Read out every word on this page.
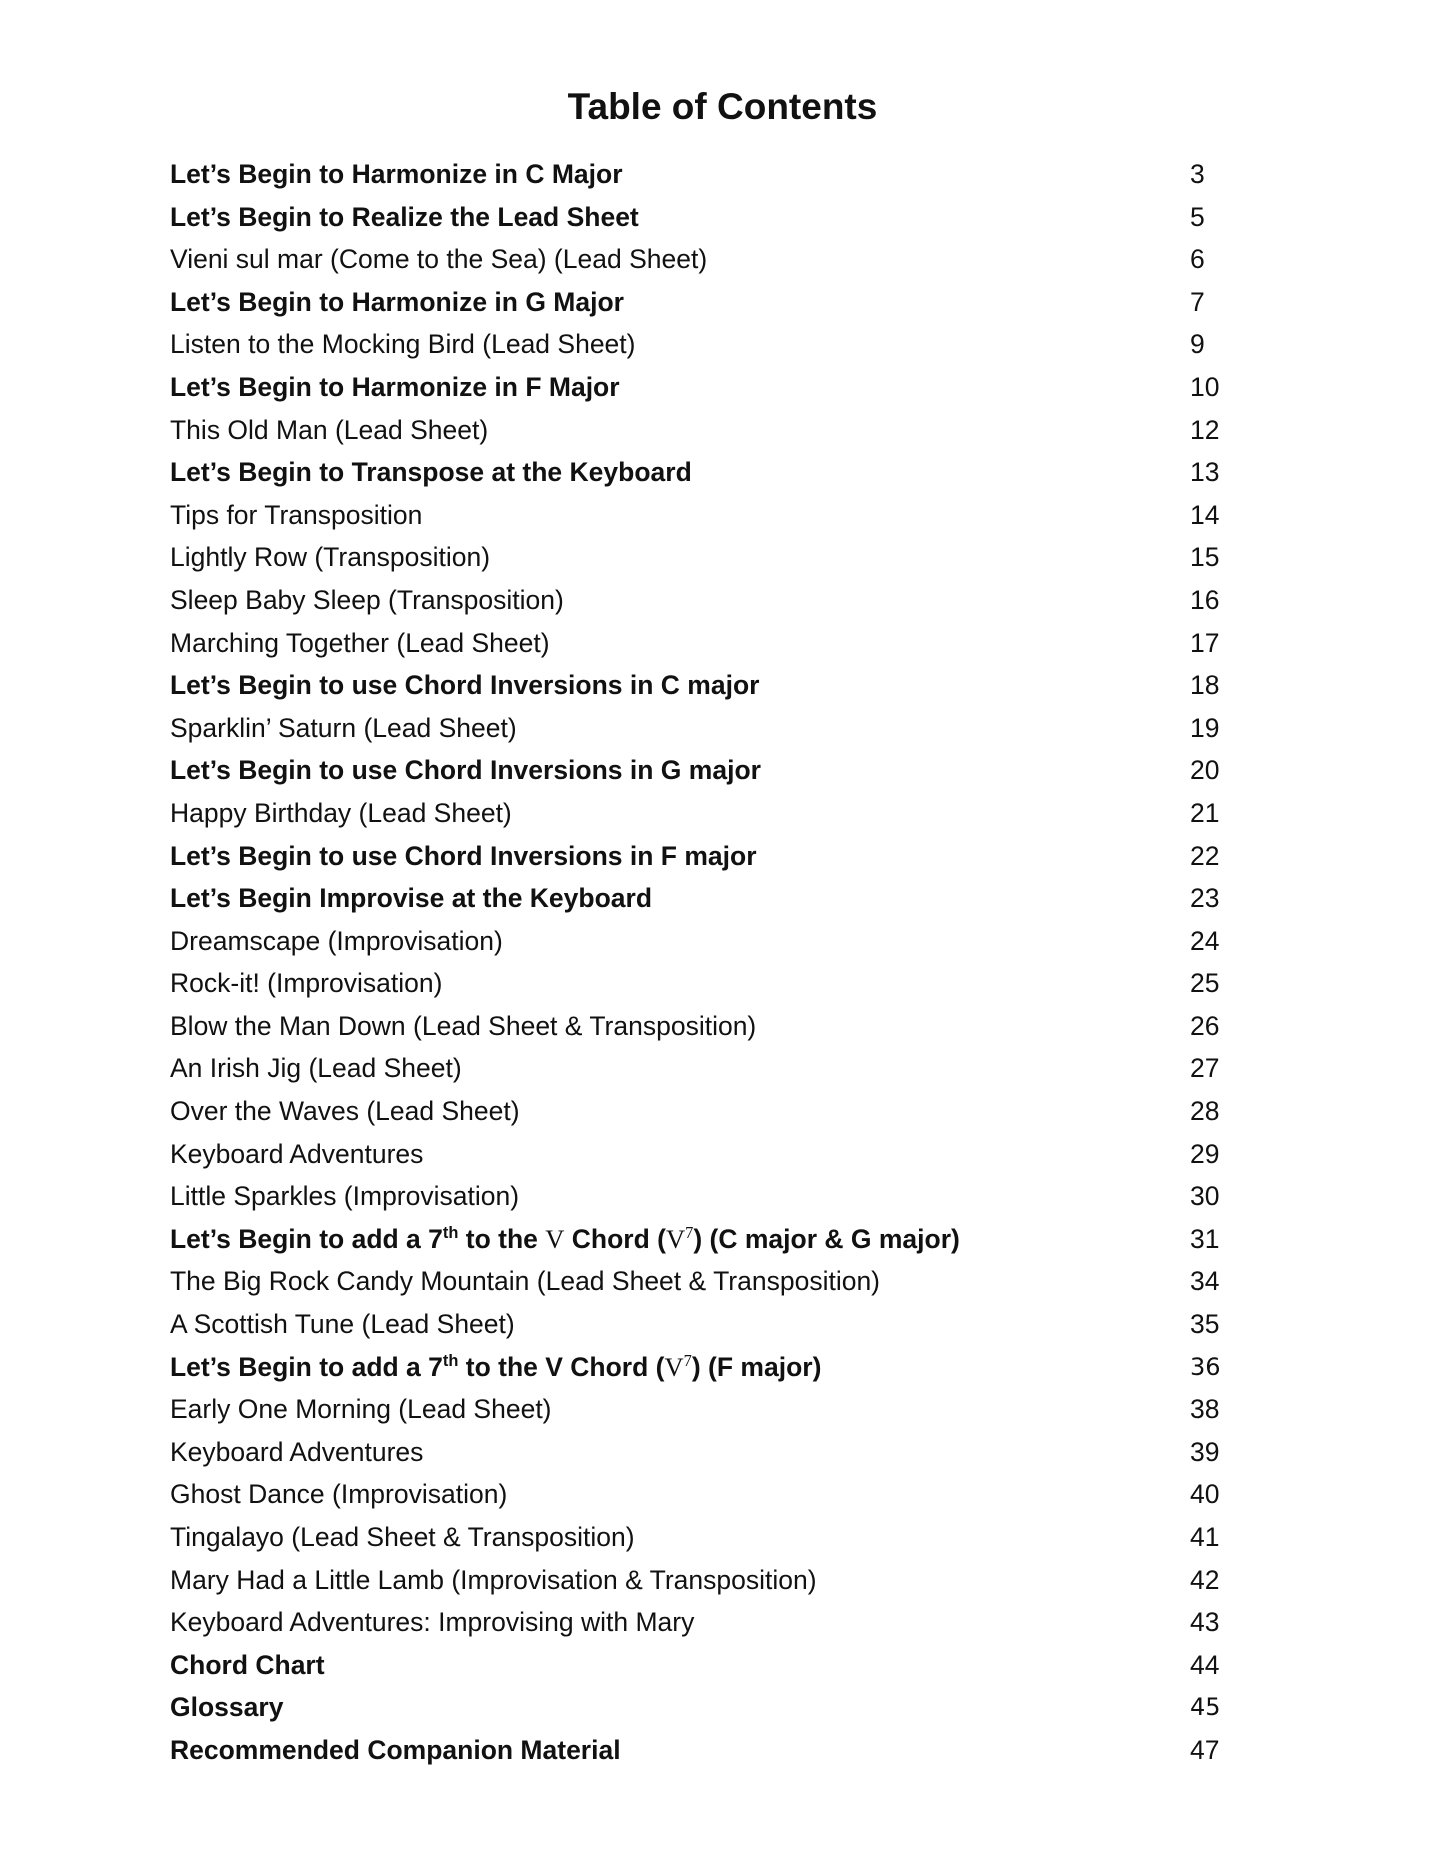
Table of Contents
Let’s Begin to Harmonize in C Major	3
Let’s Begin to Realize the Lead Sheet	5
Vieni sul mar (Come to the Sea) (Lead Sheet)	6
Let’s Begin to Harmonize in G Major	7
Listen to the Mocking Bird (Lead Sheet)	9
Let’s Begin to Harmonize in F Major	10
This Old Man (Lead Sheet)	12
Let’s Begin to Transpose at the Keyboard	13
Tips for Transposition	14
Lightly Row (Transposition)	15
Sleep Baby Sleep (Transposition)	16
Marching Together (Lead Sheet)	17
Let’s Begin to use Chord Inversions in C major	18
Sparklin’ Saturn (Lead Sheet)	19
Let’s Begin to use Chord Inversions in G major	20
Happy Birthday (Lead Sheet)	21
Let’s Begin to use Chord Inversions in F major	22
Let’s Begin Improvise at the Keyboard	23
Dreamscape (Improvisation)	24
Rock-it! (Improvisation)	25
Blow the Man Down (Lead Sheet & Transposition)	26
An Irish Jig (Lead Sheet)	27
Over the Waves (Lead Sheet)	28
Keyboard Adventures	29
Little Sparkles (Improvisation)	30
Let’s Begin to add a 7th to the V Chord $(V^7)$ (C major & G major)	31
The Big Rock Candy Mountain (Lead Sheet & Transposition)	34
A Scottish Tune (Lead Sheet)	35
Let’s Begin to add a 7th to the V Chord $(V^7)$ (F major)	36
Early One Morning (Lead Sheet)	38
Keyboard Adventures	39
Ghost Dance (Improvisation)	40
Tingalayo (Lead Sheet & Transposition)	41
Mary Had a Little Lamb (Improvisation & Transposition)	42
Keyboard Adventures: Improvising with Mary	43
Chord Chart	44
Glossary	45
Recommended Companion Material	47
